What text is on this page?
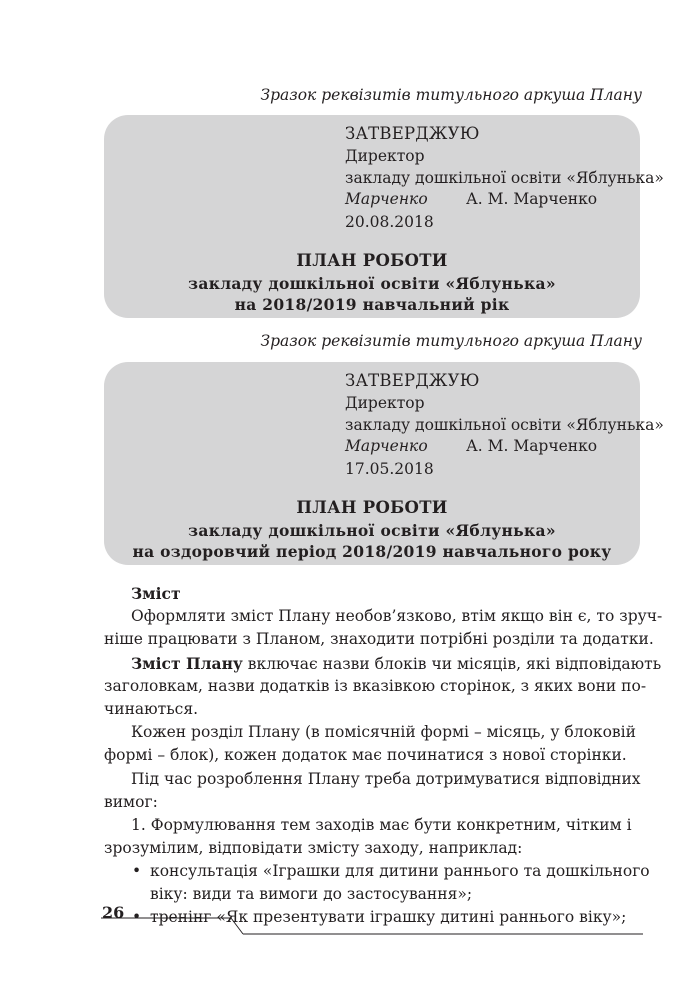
Зразок реквізитів титульного аркуша Плану
ЗАТВЕРДЖУЮ
Директор
закладу дошкільної освіти «Яблунька»
Марченко А. М. Марченко
20.08.2018
ПЛАН РОБОТИ
закладу дошкільної освіти «Яблунька»
на 2018/2019 навчальний рік
Зразок реквізитів титульного аркуша Плану
ЗАТВЕРДЖУЮ
Директор
закладу дошкільної освіти «Яблунька»
Марченко А. М. Марченко
17.05.2018
ПЛАН РОБОТИ
закладу дошкільної освіти «Яблунька»
на оздоровчий період 2018/2019 навчального року
Зміст
Оформляти зміст Плану необов’язково, втім якщо він є, то зруч-
ніше працювати з Планом, знаходити потрібні розділи та додатки.
Зміст Плану включає назви блоків чи місяців, які відповідають
заголовкам, назви додатків із вказівкою сторінок, з яких вони по-
чинаються.
Кожен розділ Плану (в помісячній формі – місяць, у блоковій
формі – блок), кожен додаток має починатися з нової сторінки.
Під час розроблення Плану треба дотримуватися відповідних
вимог:
1. Формулювання тем заходів має бути конкретним, чітким і
зрозумілим, відповідати змісту заходу, наприклад:
• консультація «Іграшки для дитини раннього та дошкільного
віку: види та вимоги до застосування»;
• тренінг «Як презентувати іграшку дитині раннього віку»;
26
